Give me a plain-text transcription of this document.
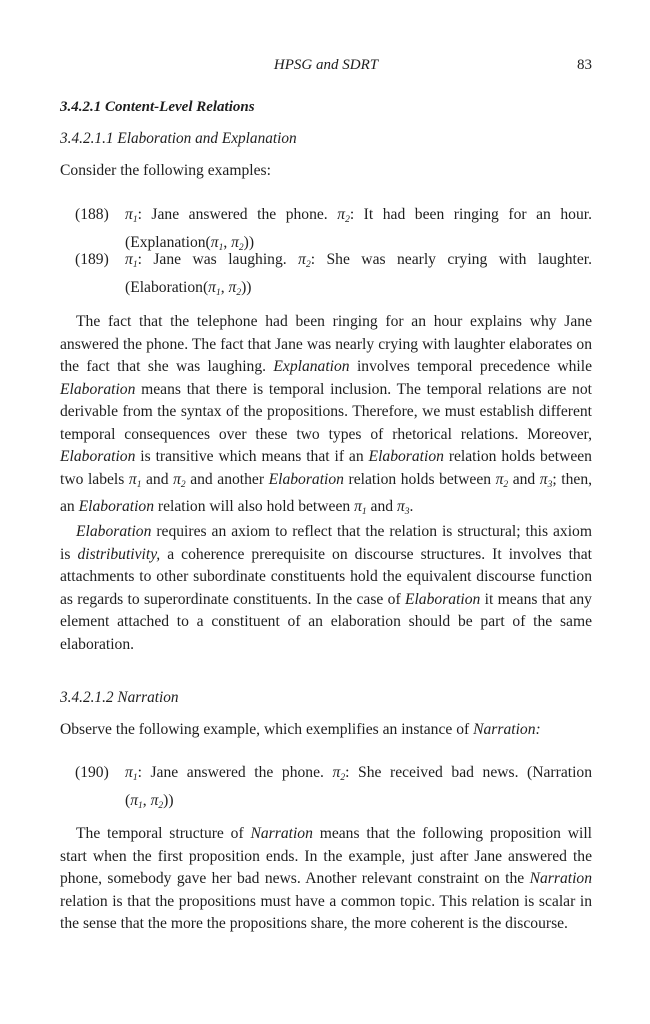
HPSG and SDRT	83
3.4.2.1 Content-Level Relations
3.4.2.1.1 Elaboration and Explanation
Consider the following examples:
(188) $\pi_1$: Jane answered the phone. $\pi_2$: It had been ringing for an hour.
($Explanation(\pi_1$, $\pi_2$))
(189) $\pi_1$: Jane was laughing. $\pi_2$: She was nearly crying with laughter.
($Elaboration(\pi_1$, $\pi_2$))
The fact that the telephone had been ringing for an hour explains why Jane answered the phone. The fact that Jane was nearly crying with laughter elaborates on the fact that she was laughing. Explanation involves temporal precedence while Elaboration means that there is temporal inclusion. The temporal relations are not derivable from the syntax of the propositions. Therefore, we must establish different temporal consequences over these two types of rhetorical relations. Moreover, Elaboration is transitive which means that if an Elaboration relation holds between two labels $\pi_1$ and $\pi_2$ and another Elaboration relation holds between $\pi_2$ and $\pi_3$; then, an Elaboration relation will also hold between $\pi_1$ and $\pi_3$.
Elaboration requires an axiom to reflect that the relation is structural; this axiom is distributivity, a coherence prerequisite on discourse structures. It involves that attachments to other subordinate constituents hold the equivalent discourse function as regards to superordinate constituents. In the case of Elaboration it means that any element attached to a constituent of an elaboration should be part of the same elaboration.
3.4.2.1.2 Narration
Observe the following example, which exemplifies an instance of Narration:
(190) $\pi_1$: Jane answered the phone. $\pi_2$: She received bad news. (Narration
($\pi_1$, $\pi_2$))
The temporal structure of Narration means that the following proposition will start when the first proposition ends. In the example, just after Jane answered the phone, somebody gave her bad news. Another relevant constraint on the Narration relation is that the propositions must have a common topic. This relation is scalar in the sense that the more the propositions share, the more coherent is the discourse.
